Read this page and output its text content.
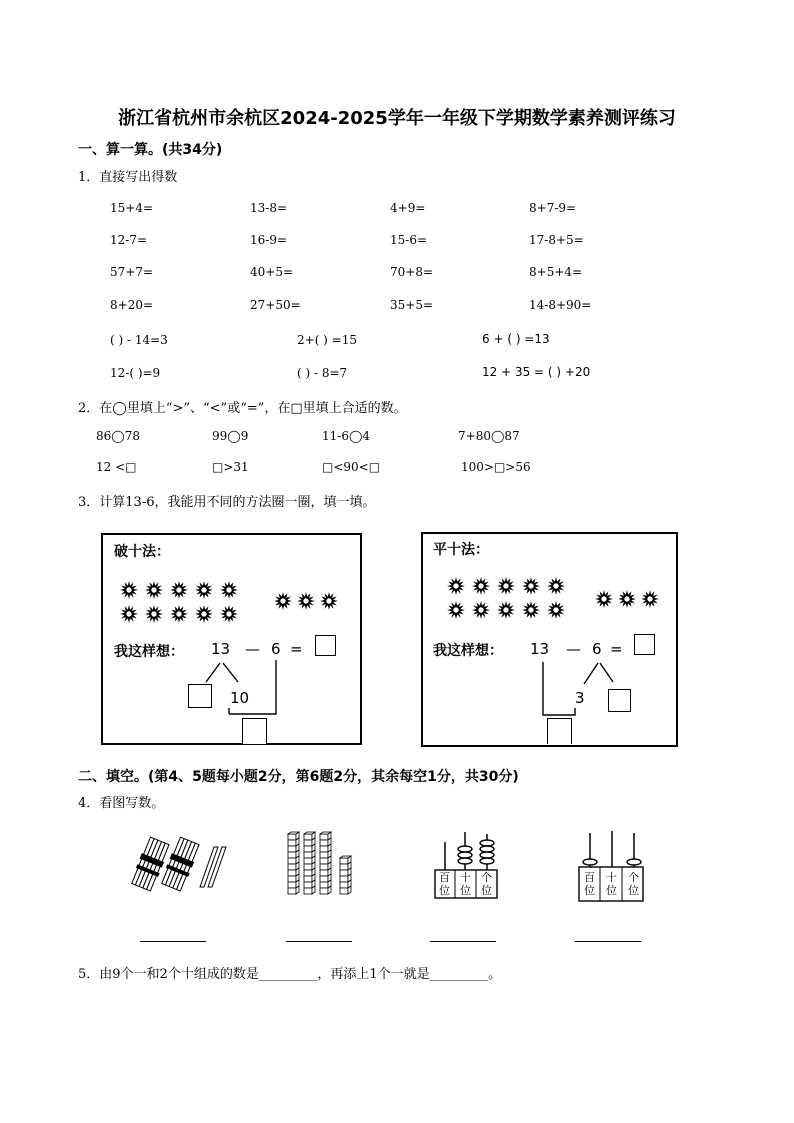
浙江省杭州市余杭区2024-2025学年一年级下学期数学素养测评练习
一、算一算。(共34分)
1．直接写出得数
15+4=	13-8=	4+9=	8+7-9=
12-7=	16-9=	15-6=	17-8+5=
57+7=	40+5=	70+8=	8+5+4=
8+20=	27+50=	35+5=	14-8+90=
( ) - 14=3	2+( ) =15	6 + ( ) =13
12-( )=9	( ) - 8=7	12 + 35 = ( ) +20
2．在◯里填上“>”、“<”或“=”，在□里填上合适的数。
86◯78	99◯9	11-6◯4	7+80◯87
12 <□	□>31	□<90<□	100>□>56
3．计算13-6，我能用不同的方法圈一圈，填一填。
破十法：
我这样想： 13 — 6 =
10
平十法：
我这样想： 13 — 6 =
3
二、填空。(第4、5题每小题2分，第6题2分，其余每空1分，共30分)
4．看图写数。
百位
十位
个位
百位
十位
个位
5．由9个一和2个十组成的数是_________，再添上1个一就是_________。
